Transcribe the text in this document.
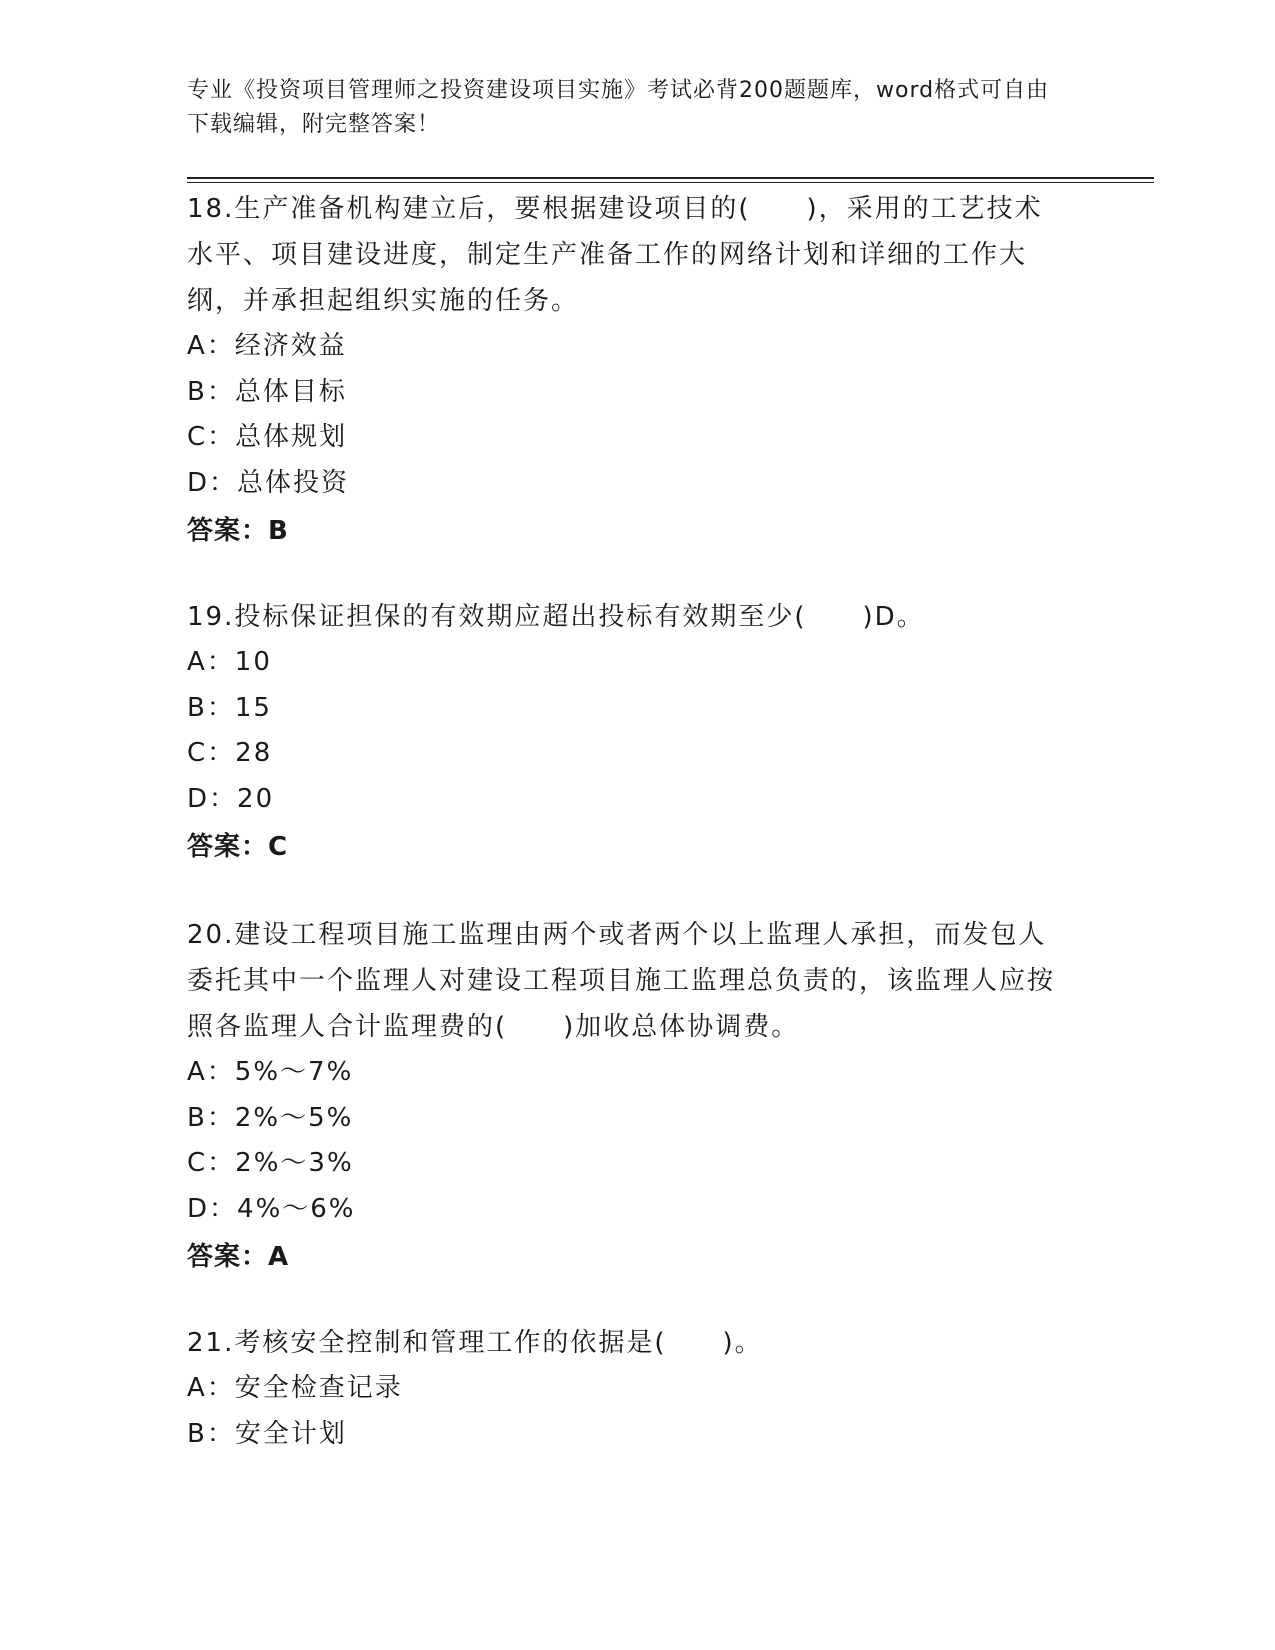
专业《投资项目管理师之投资建设项目实施》考试必背200题题库，word格式可自由下载编辑，附完整答案！
18.生产准备机构建立后，要根据建设项目的(　　)，采用的工艺技术水平、项目建设进度，制定生产准备工作的网络计划和详细的工作大纲，并承担起组织实施的任务。
A：经济效益
B：总体目标
C：总体规划
D：总体投资
答案：B
19.投标保证担保的有效期应超出投标有效期至少(　　)D。
A：10
B：15
C：28
D：20
答案：C
20.建设工程项目施工监理由两个或者两个以上监理人承担，而发包人委托其中一个监理人对建设工程项目施工监理总负责的，该监理人应按照各监理人合计监理费的(　　)加收总体协调费。
A：5%～7%
B：2%～5%
C：2%～3%
D：4%～6%
答案：A
21.考核安全控制和管理工作的依据是(　　)。
A：安全检查记录
B：安全计划
